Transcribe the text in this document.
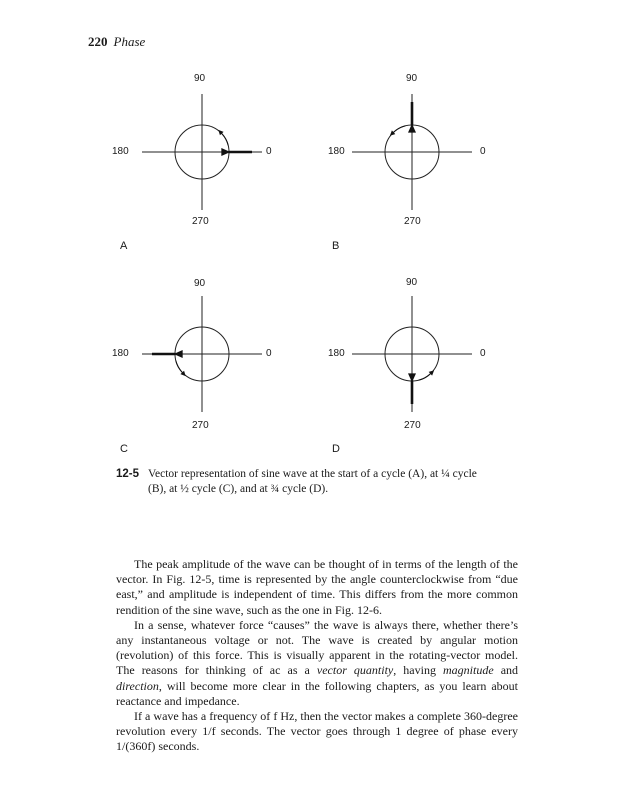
220 Phase
90
180	0
270
A
90
180	0
270
B
90
180	0
270
C
90
180	0
270
D
12-5 Vector representation of sine wave at the start of a cycle (A), at ¼ cycle (B), at ½ cycle (C), and at ¾ cycle (D).

The peak amplitude of the wave can be thought of in terms of the length of the vector. In Fig. 12-5, time is represented by the angle counterclockwise from “due east,” and amplitude is independent of time. This differs from the more common rendition of the sine wave, such as the one in Fig. 12-6.

In a sense, whatever force “causes” the wave is always there, whether there’s any instantaneous voltage or not. The wave is created by angular motion (revolution) of this force. This is visually apparent in the rotating-vector model. The reasons for thinking of ac as a vector quantity, having magnitude and direction, will become more clear in the following chapters, as you learn about reactance and impedance.

If a wave has a frequency of f Hz, then the vector makes a complete 360-degree revolution every 1/f seconds. The vector goes through 1 degree of phase every 1/(360f) seconds.
